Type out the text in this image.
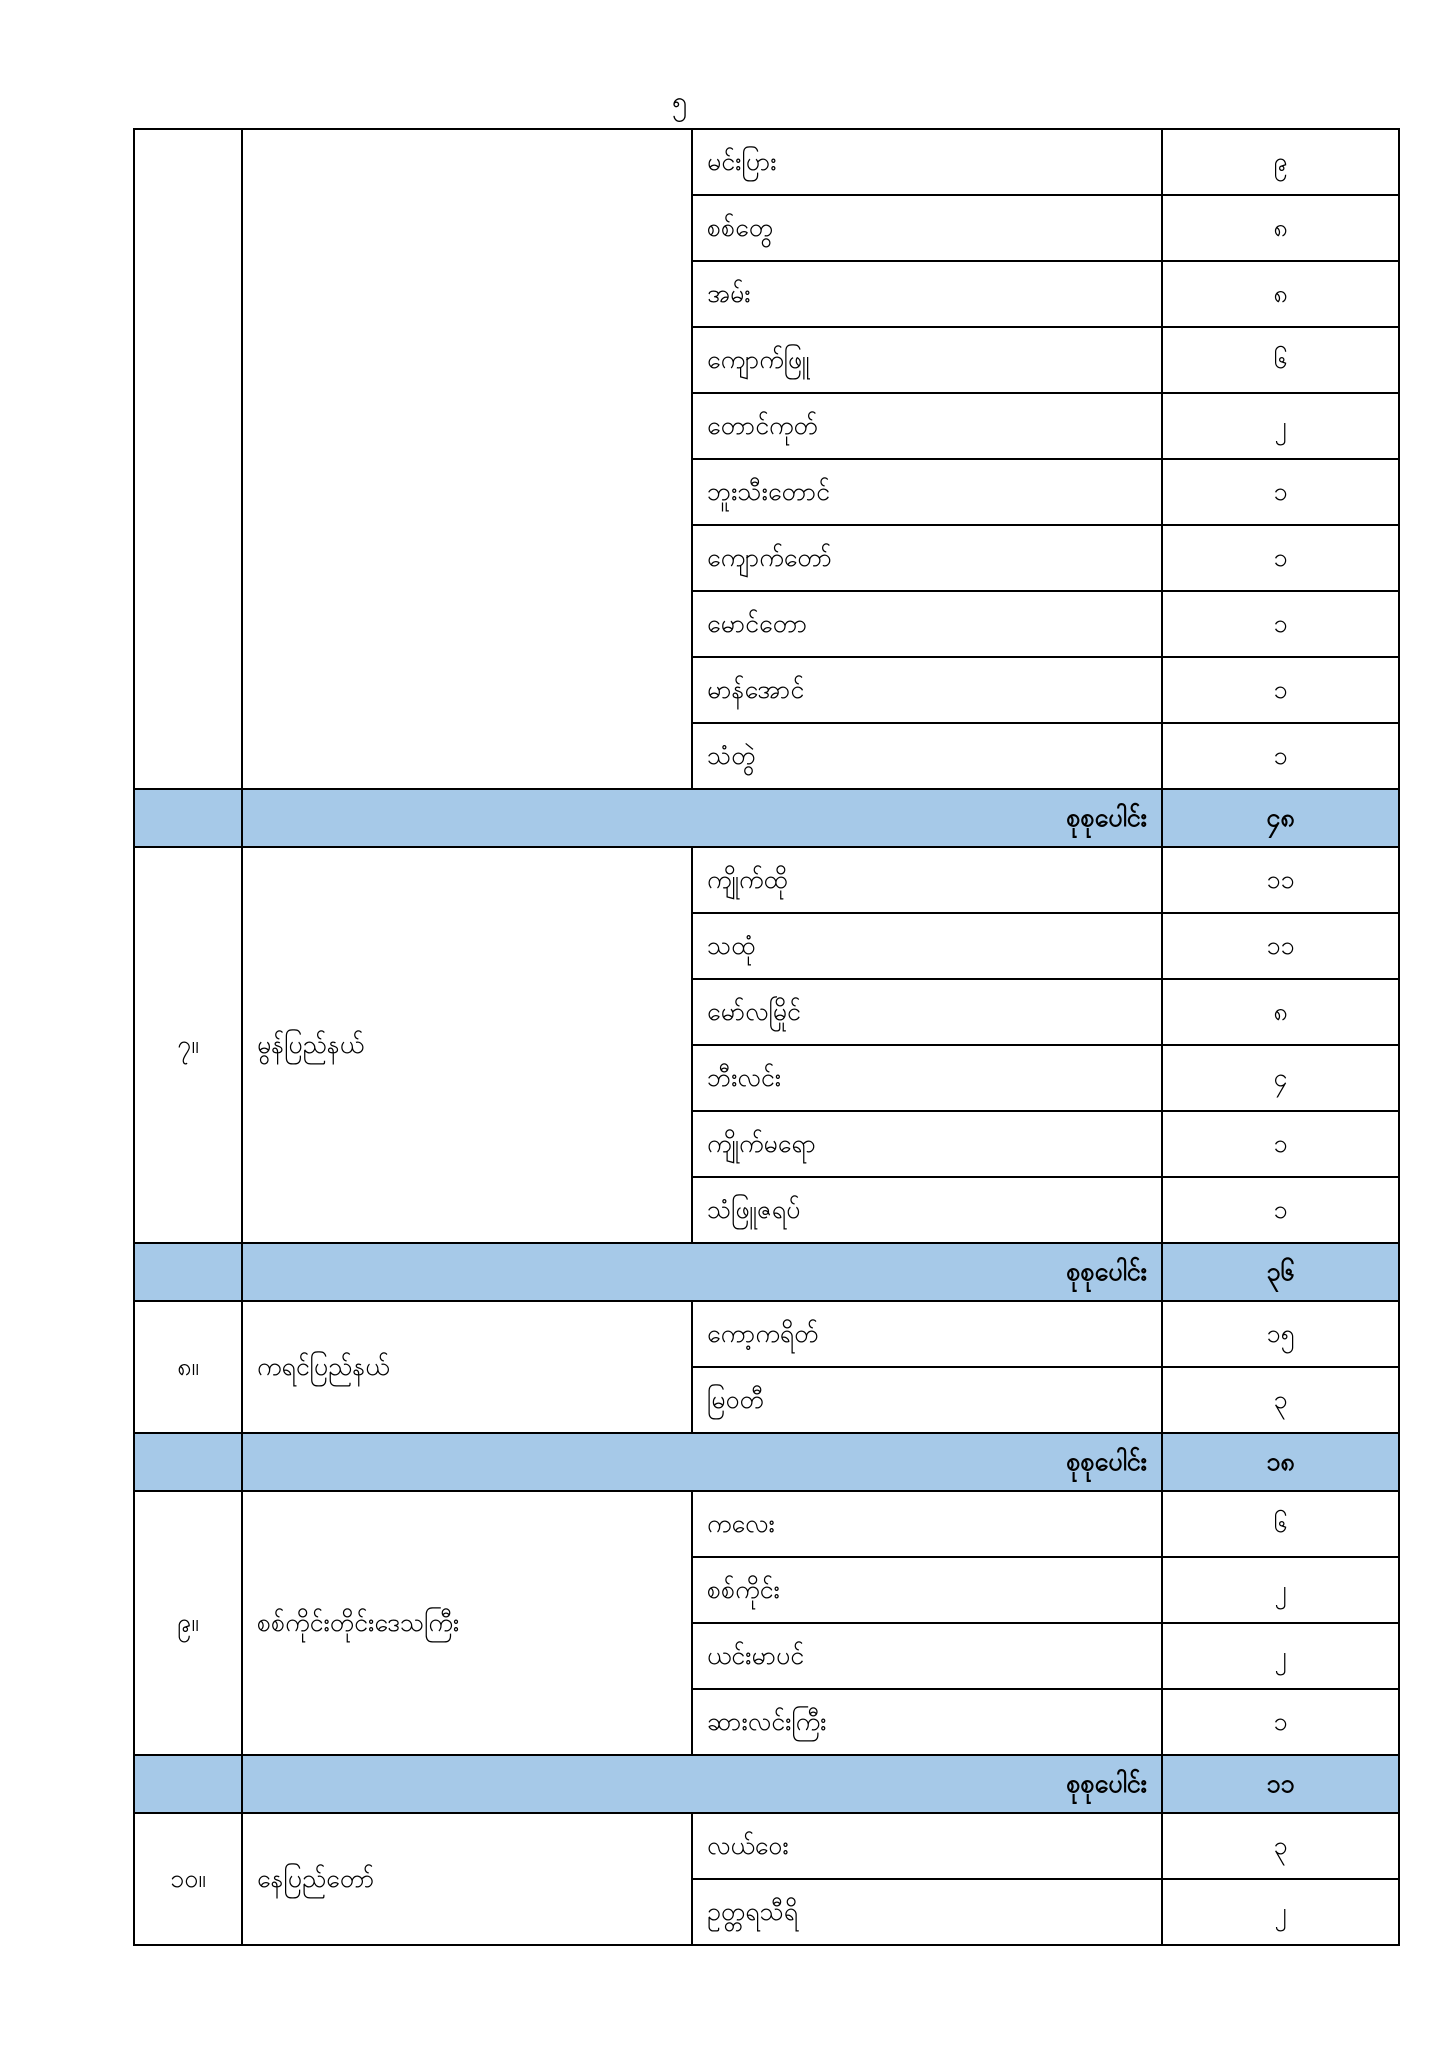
၅
		မင်းပြား	၉
		စစ်တွေ	၈
		အမ်း	၈
		ကျောက်ဖြူ	၆
		တောင်ကုတ်	၂
		ဘူးသီးတောင်	၁
		ကျောက်တော်	၁
		မောင်တော	၁
		မာန်အောင်	၁
		သံတွဲ	၁
	စုစုပေါင်း		၄၈
၇။	မွန်ပြည်နယ်	ကျိုက်ထို	၁၁
		သထုံ	၁၁
		မော်လမြိုင်	၈
		ဘီးလင်း	၄
		ကျိုက်မရော	၁
		သံဖြူဇရပ်	၁
	စုစုပေါင်း		၃၆
၈။	ကရင်ပြည်နယ်	ကော့ကရိတ်	၁၅
		မြဝတီ	၃
	စုစုပေါင်း		၁၈
၉။	စစ်ကိုင်းတိုင်းဒေသကြီး	ကလေး	၆
		စစ်ကိုင်း	၂
		ယင်းမာပင်	၂
		ဆားလင်းကြီး	၁
	စုစုပေါင်း		၁၁
၁၀။	နေပြည်တော်	လယ်ဝေး	၃
		ဥတ္တရသီရိ	၂
